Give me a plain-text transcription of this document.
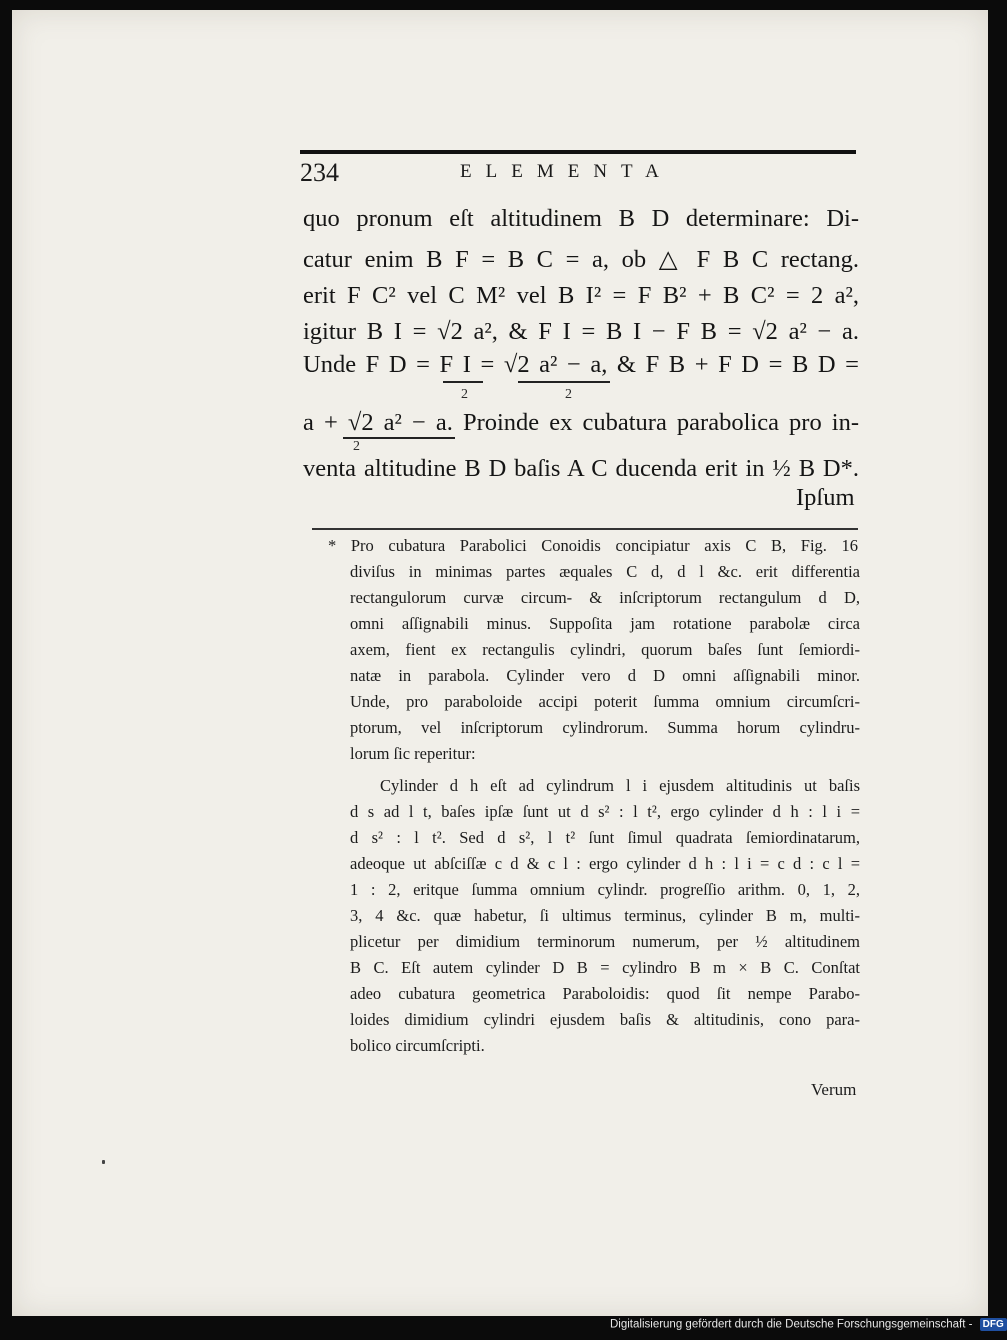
234	ELEMENTA
quo pronum eſt altitudinem B D determinare: Di-
catur enim B F = B C = a, ob △ F B C rectang.
erit F C² vel C M² vel B I² = F B² + B C² = 2 a²,
igitur B I = √2 a², & F I = B I − F B = √2 a² − a.
Unde F D = F I = √2 a² − a, & F B + F D = B D =
2	2
a + √2 a² − a. Proinde ex cubatura parabolica pro in-
2
venta altitudine B D baſis A C ducenda erit in ½ B D*.
Ipſum
* Pro cubatura Parabolici Conoidis concipiatur axis C B, Fig. 16
diviſus in minimas partes æquales C d, d l &c. erit differentia
rectangulorum curvæ circum- & inſcriptorum rectangulum d D,
omni aſſignabili minus. Suppoſita jam rotatione parabolæ circa
axem, fient ex rectangulis cylindri, quorum baſes ſunt ſemiordi-
natæ in parabola. Cylinder vero d D omni aſſignabili minor.
Unde, pro paraboloide accipi poterit ſumma omnium circumſcri-
ptorum, vel inſcriptorum cylindrorum. Summa horum cylindru-
lorum ſic reperitur:
Cylinder d h eſt ad cylindrum l i ejusdem altitudinis ut baſis
d s ad l t, baſes ipſæ ſunt ut d s² : l t², ergo cylinder d h : l i =
d s² : l t². Sed d s², l t² ſunt ſimul quadrata ſemiordinatarum,
adeoque ut abſciſſæ c d & c l : ergo cylinder d h : l i = c d : c l =
1 : 2, eritque ſumma omnium cylindr. progreſſio arithm. 0, 1, 2,
3, 4 &c. quæ habetur, ſi ultimus terminus, cylinder B m, multi-
plicetur per dimidium terminorum numerum, per ½ altitudinem
B C. Eſt autem cylinder D B = cylindro B m × B C. Conſtat
adeo cubatura geometrica Paraboloidis: quod ſit nempe Parabo-
loides dimidium cylindri ejusdem baſis & altitudinis, cono para-
bolico circumſcripti.
Verum
Digitalisierung gefördert durch die Deutsche Forschungsgemeinschaft - DFG
